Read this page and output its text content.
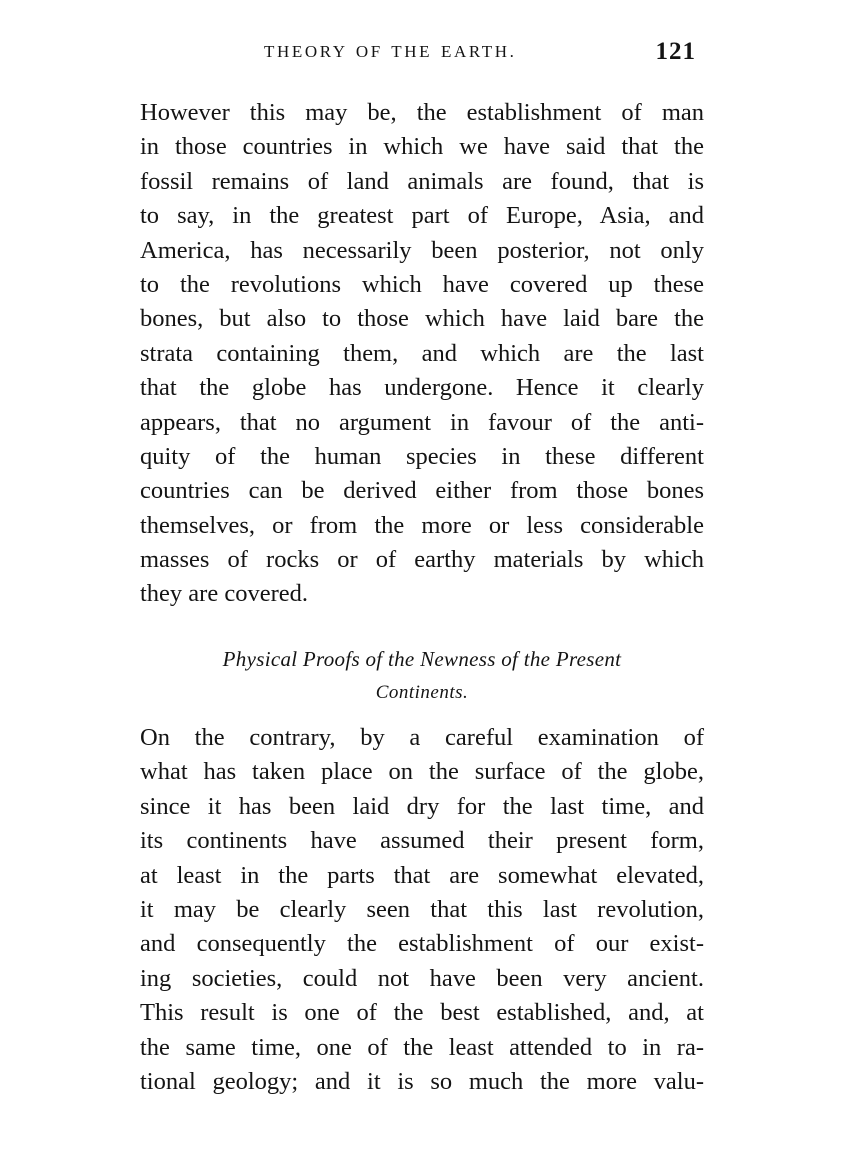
THEORY OF THE EARTH.	121
However this may be, the establishment of man
in those countries in which we have said that the
fossil remains of land animals are found, that is
to say, in the greatest part of Europe, Asia, and
America, has necessarily been posterior, not only
to the revolutions which have covered up these
bones, but also to those which have laid bare the
strata containing them, and which are the last
that the globe has undergone. Hence it clearly
appears, that no argument in favour of the anti-
quity of the human species in these different
countries can be derived either from those bones
themselves, or from the more or less considerable
masses of rocks or of earthy materials by which
they are covered.
Physical Proofs of the Newness of the Present
Continents.
On the contrary, by a careful examination of
what has taken place on the surface of the globe,
since it has been laid dry for the last time, and
its continents have assumed their present form,
at least in the parts that are somewhat elevated,
it may be clearly seen that this last revolution,
and consequently the establishment of our exist-
ing societies, could not have been very ancient.
This result is one of the best established, and, at
the same time, one of the least attended to in ra-
tional geology; and it is so much the more valu-
